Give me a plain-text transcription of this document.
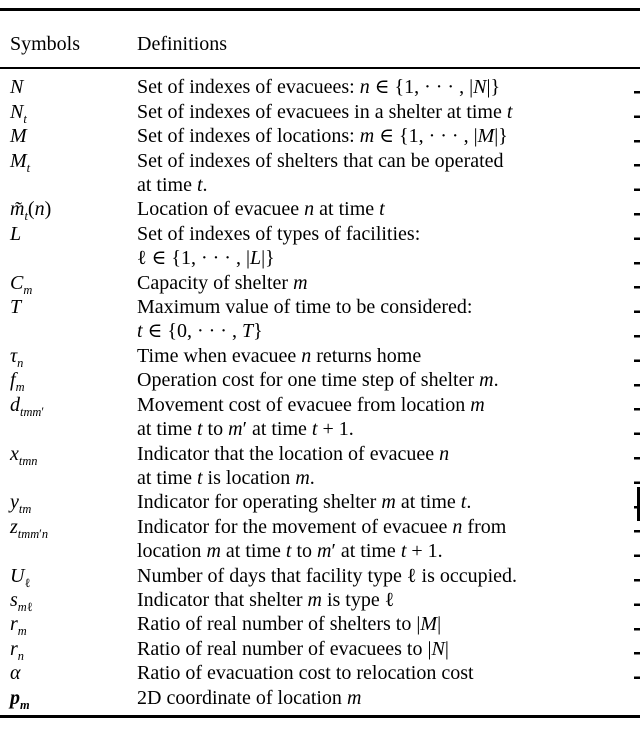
Symbols	Definitions
N	Set of indexes of evacuees: n ∈ {1, · · · , |N|}
$N_t$	Set of indexes of evacuees in a shelter at time t
M	Set of indexes of locations: m ∈ {1, · · · , |M|}
$M_t$	Set of indexes of shelters that can be operated
at time t.
$m̃_t(n)$	Location of evacuee n at time t
L	Set of indexes of types of facilities:
ℓ ∈ {1, · · · , |L|}
$C_m$	Capacity of shelter m
T	Maximum value of time to be considered:
t ∈ {0, · · · , T}
$\tau_n$	Time when evacuee n returns home
$f_m$	Operation cost for one time step of shelter m.
$d_{tmm'}$	Movement cost of evacuee from location m
at time t to m′ at time t + 1.
$x_{tmn}$	Indicator that the location of evacuee n
at time t is location m.
$y_{tm}$	Indicator for operating shelter m at time t.
$z_{tmm'n}$	Indicator for the movement of evacuee n from
location m at time t to m′ at time t + 1.
$U_\ell$	Number of days that facility type ℓ is occupied.
$s_{m\ell}$	Indicator that shelter m is type ℓ
$r_m$	Ratio of real number of shelters to |M|
$r_n$	Ratio of real number of evacuees to |N|
α	Ratio of evacuation cost to relocation cost
$p_m$	2D coordinate of location m
